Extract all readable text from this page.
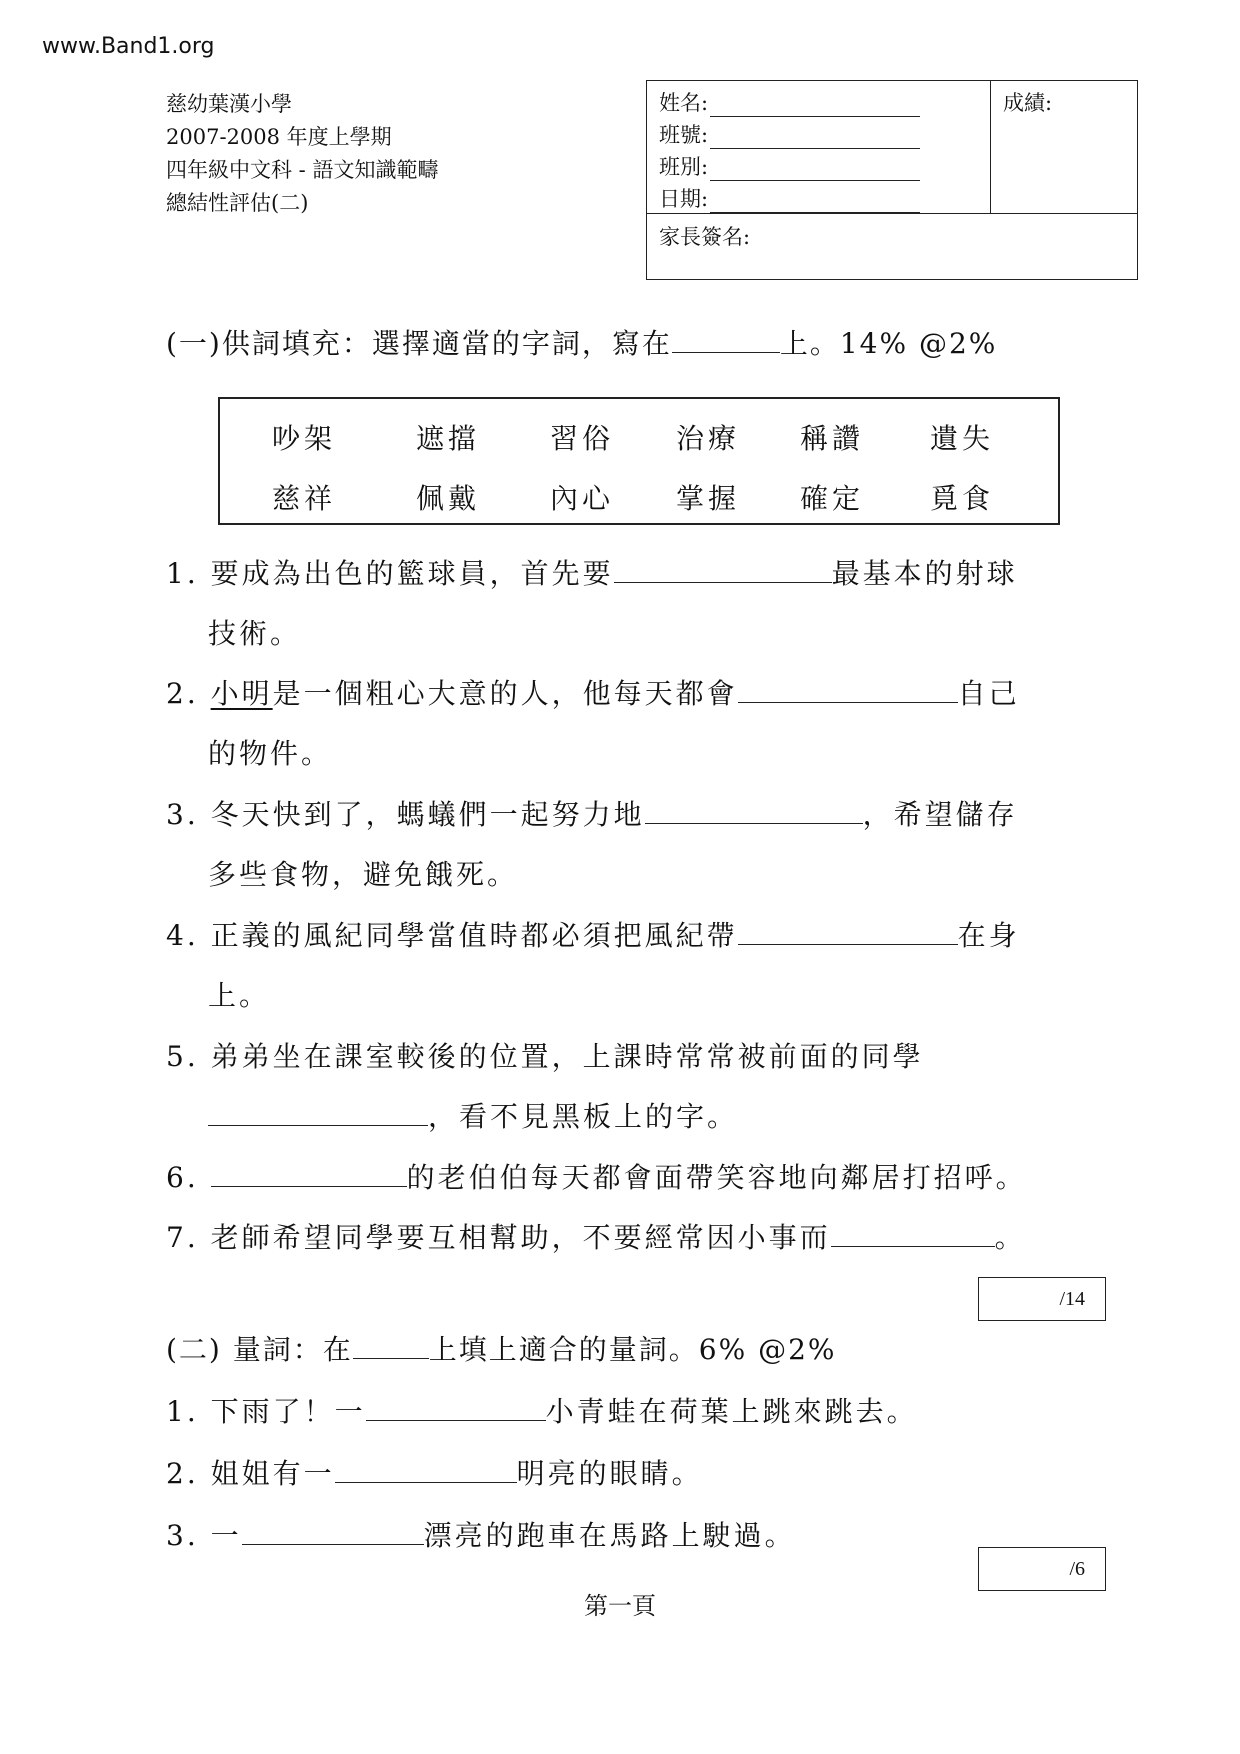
www.Band1.org
慈幼葉漢小學
2007-2008 年度上學期
四年級中文科 - 語文知識範疇
總結性評估(二)
姓名:
班號:
班別:
日期:
成績:
家長簽名:
(一)供詞填充：選擇適當的字詞，寫在	上。14% @2%
吵架	遮擋 習俗 治療 稱讚 遺失
慈祥	佩戴 內心 掌握 確定 覓食
1. 要成為出色的籃球員，首先要	最基本的射球
技術。
2. 小明是一個粗心大意的人，他每天都會	自己
的物件。
3. 冬天快到了，螞蟻們一起努力地	，希望儲存
多些食物，避免餓死。
4. 正義的風紀同學當值時都必須把風紀帶	在身
上。
5. 弟弟坐在課室較後的位置，上課時常常被前面的同學
，看不見黑板上的字。
6.	的老伯伯每天都會面帶笑容地向鄰居打招呼。
7. 老師希望同學要互相幫助，不要經常因小事而	。
/14
(二) 量詞：在	上填上適合的量詞。6% @2%
1. 下雨了！一	小青蛙在荷葉上跳來跳去。
2. 姐姐有一	明亮的眼睛。
3. 一	漂亮的跑車在馬路上駛過。
/6
第一頁
